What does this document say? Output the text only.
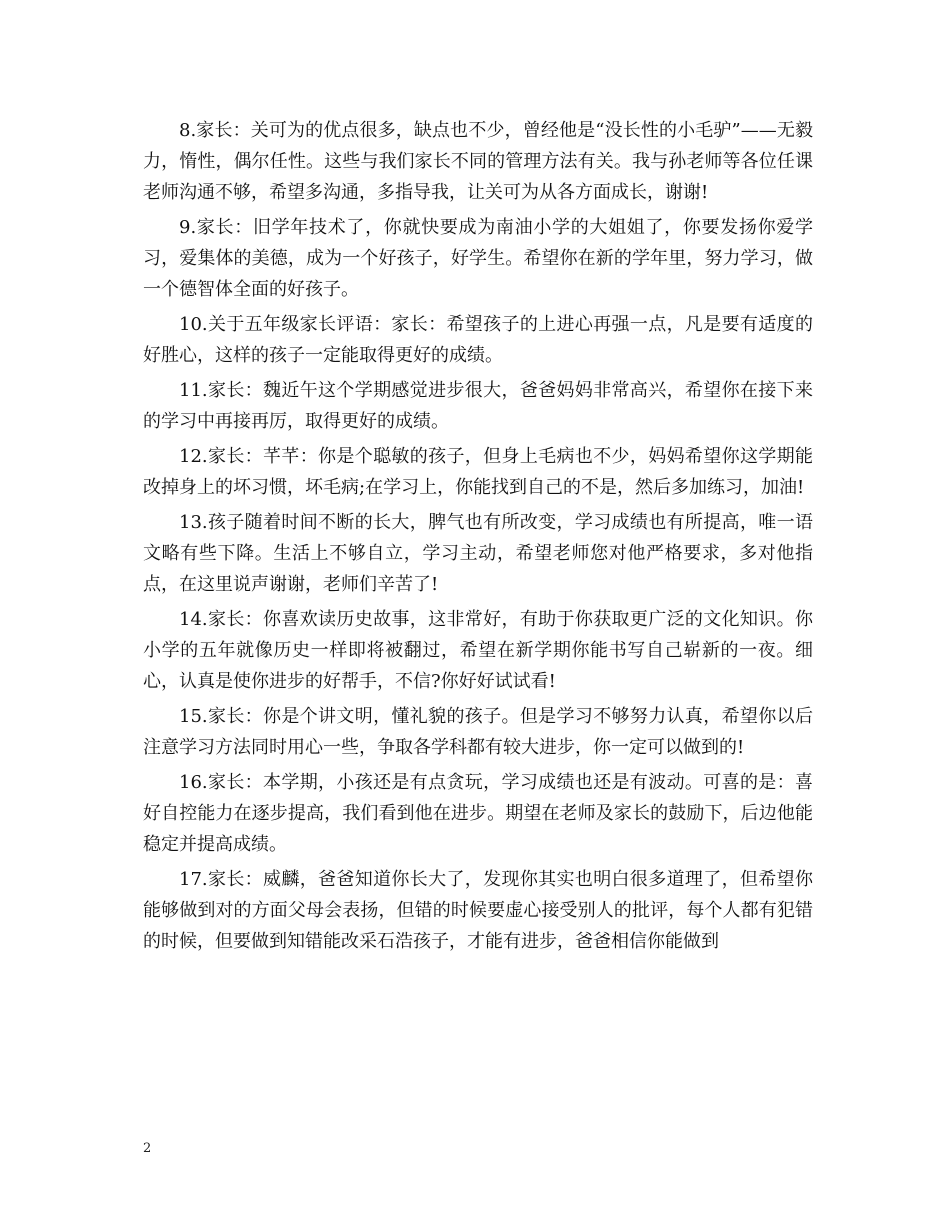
8.家长：关可为的优点很多，缺点也不少，曾经他是“没长性的小毛驴”——无毅力，惰性，偶尔任性。这些与我们家长不同的管理方法有关。我与孙老师等各位任课老师沟通不够，希望多沟通，多指导我，让关可为从各方面成长，谢谢!

9.家长：旧学年技术了，你就快要成为南油小学的大姐姐了，你要发扬你爱学习，爱集体的美德，成为一个好孩子，好学生。希望你在新的学年里，努力学习，做一个德智体全面的好孩子。

10.关于五年级家长评语：家长：希望孩子的上进心再强一点，凡是要有适度的好胜心，这样的孩子一定能取得更好的成绩。

11.家长：魏近午这个学期感觉进步很大，爸爸妈妈非常高兴，希望你在接下来的学习中再接再厉，取得更好的成绩。

12.家长：芊芊：你是个聪敏的孩子，但身上毛病也不少，妈妈希望你这学期能改掉身上的坏习惯，坏毛病;在学习上，你能找到自己的不是，然后多加练习，加油!

13.孩子随着时间不断的长大，脾气也有所改变，学习成绩也有所提高，唯一语文略有些下降。生活上不够自立，学习主动，希望老师您对他严格要求，多对他指点，在这里说声谢谢，老师们辛苦了!

14.家长：你喜欢读历史故事，这非常好，有助于你获取更广泛的文化知识。你小学的五年就像历史一样即将被翻过，希望在新学期你能书写自己崭新的一夜。细心，认真是使你进步的好帮手，不信?你好好试试看!

15.家长：你是个讲文明，懂礼貌的孩子。但是学习不够努力认真，希望你以后注意学习方法同时用心一些，争取各学科都有较大进步，你一定可以做到的!

16.家长：本学期，小孩还是有点贪玩，学习成绩也还是有波动。可喜的是：喜好自控能力在逐步提高，我们看到他在进步。期望在老师及家长的鼓励下，后边他能稳定并提高成绩。

17.家长：威麟，爸爸知道你长大了，发现你其实也明白很多道理了，但希望你能够做到对的方面父母会表扬，但错的时候要虚心接受别人的批评，每个人都有犯错的时候，但要做到知错能改采石浩孩子，才能有进步，爸爸相信你能做到

2
